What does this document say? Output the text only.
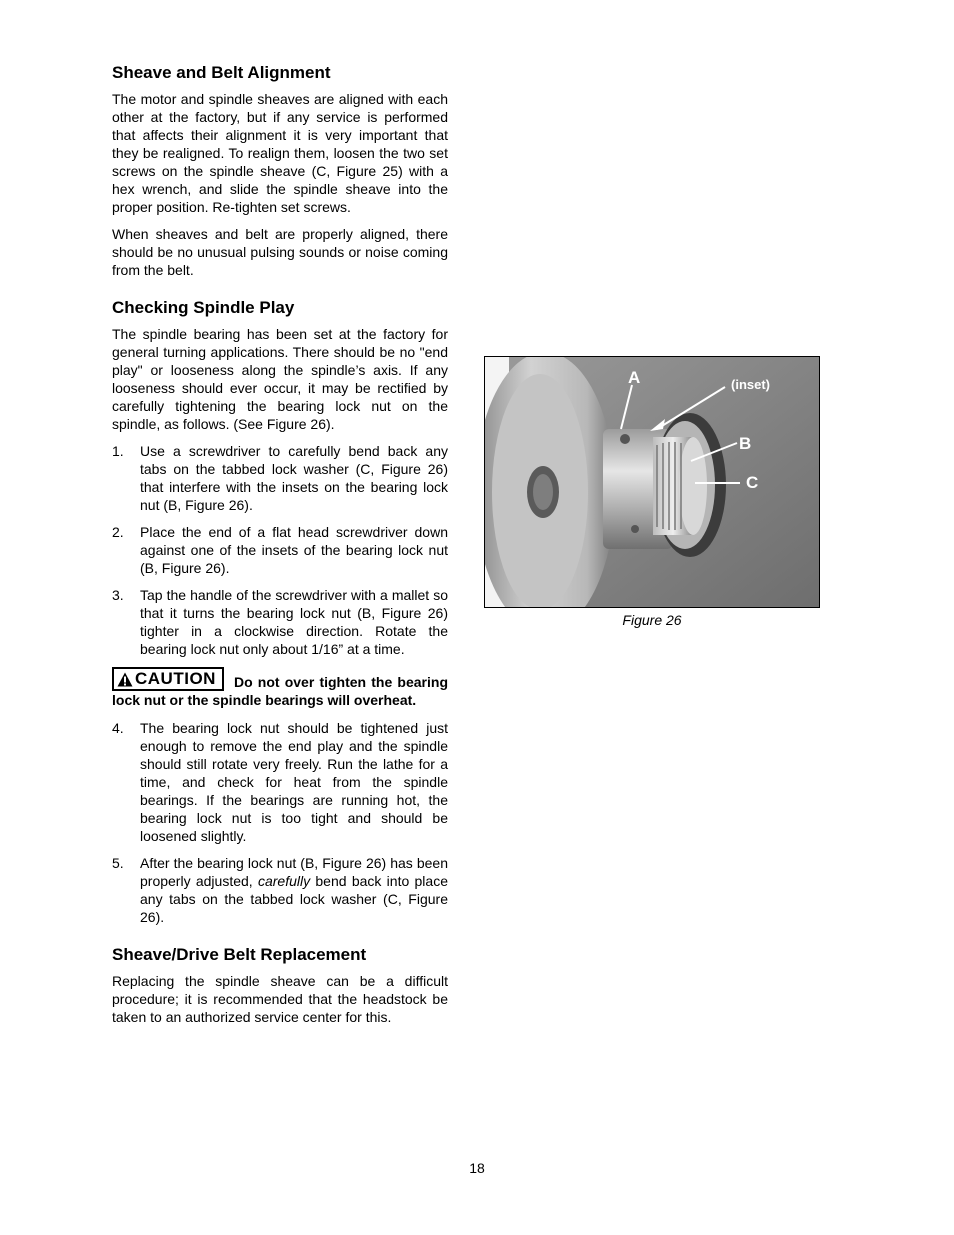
Sheave and Belt Alignment

The motor and spindle sheaves are aligned with each other at the factory, but if any service is performed that affects their alignment it is very important that they be realigned. To realign them, loosen the two set screws on the spindle sheave (C, Figure 25) with a hex wrench, and slide the spindle sheave into the proper position. Re-tighten set screws.

When sheaves and belt are properly aligned, there should be no unusual pulsing sounds or noise coming from the belt.

Checking Spindle Play

The spindle bearing has been set at the factory for general turning applications. There should be no "end play" or looseness along the spindle’s axis. If any looseness should ever occur, it may be rectified by carefully tightening the bearing lock nut on the spindle, as follows. (See Figure 26).

1. Use a screwdriver to carefully bend back any tabs on the tabbed lock washer (C, Figure 26) that interfere with the insets on the bearing lock nut (B, Figure 26).
2. Place the end of a flat head screwdriver down against one of the insets of the bearing lock nut (B, Figure 26).
3. Tap the handle of the screwdriver with a mallet so that it turns the bearing lock nut (B, Figure 26) tighter in a clockwise direction. Rotate the bearing lock nut only about 1/16” at a time.
CAUTION Do not over tighten the bearing lock nut or the spindle bearings will overheat.
4. The bearing lock nut should be tightened just enough to remove the end play and the spindle should still rotate very freely. Run the lathe for a time, and check for heat from the spindle bearings. If the bearings are running hot, the bearing lock nut is too tight and should be loosened slightly.
5. After the bearing lock nut (B, Figure 26) has been properly adjusted, carefully bend back into place any tabs on the tabbed lock washer (C, Figure 26).
Sheave/Drive Belt Replacement

Replacing the spindle sheave can be a difficult procedure; it is recommended that the headstock be taken to an authorized service center for this.

A	(inset)
B
C
Figure 26
18
